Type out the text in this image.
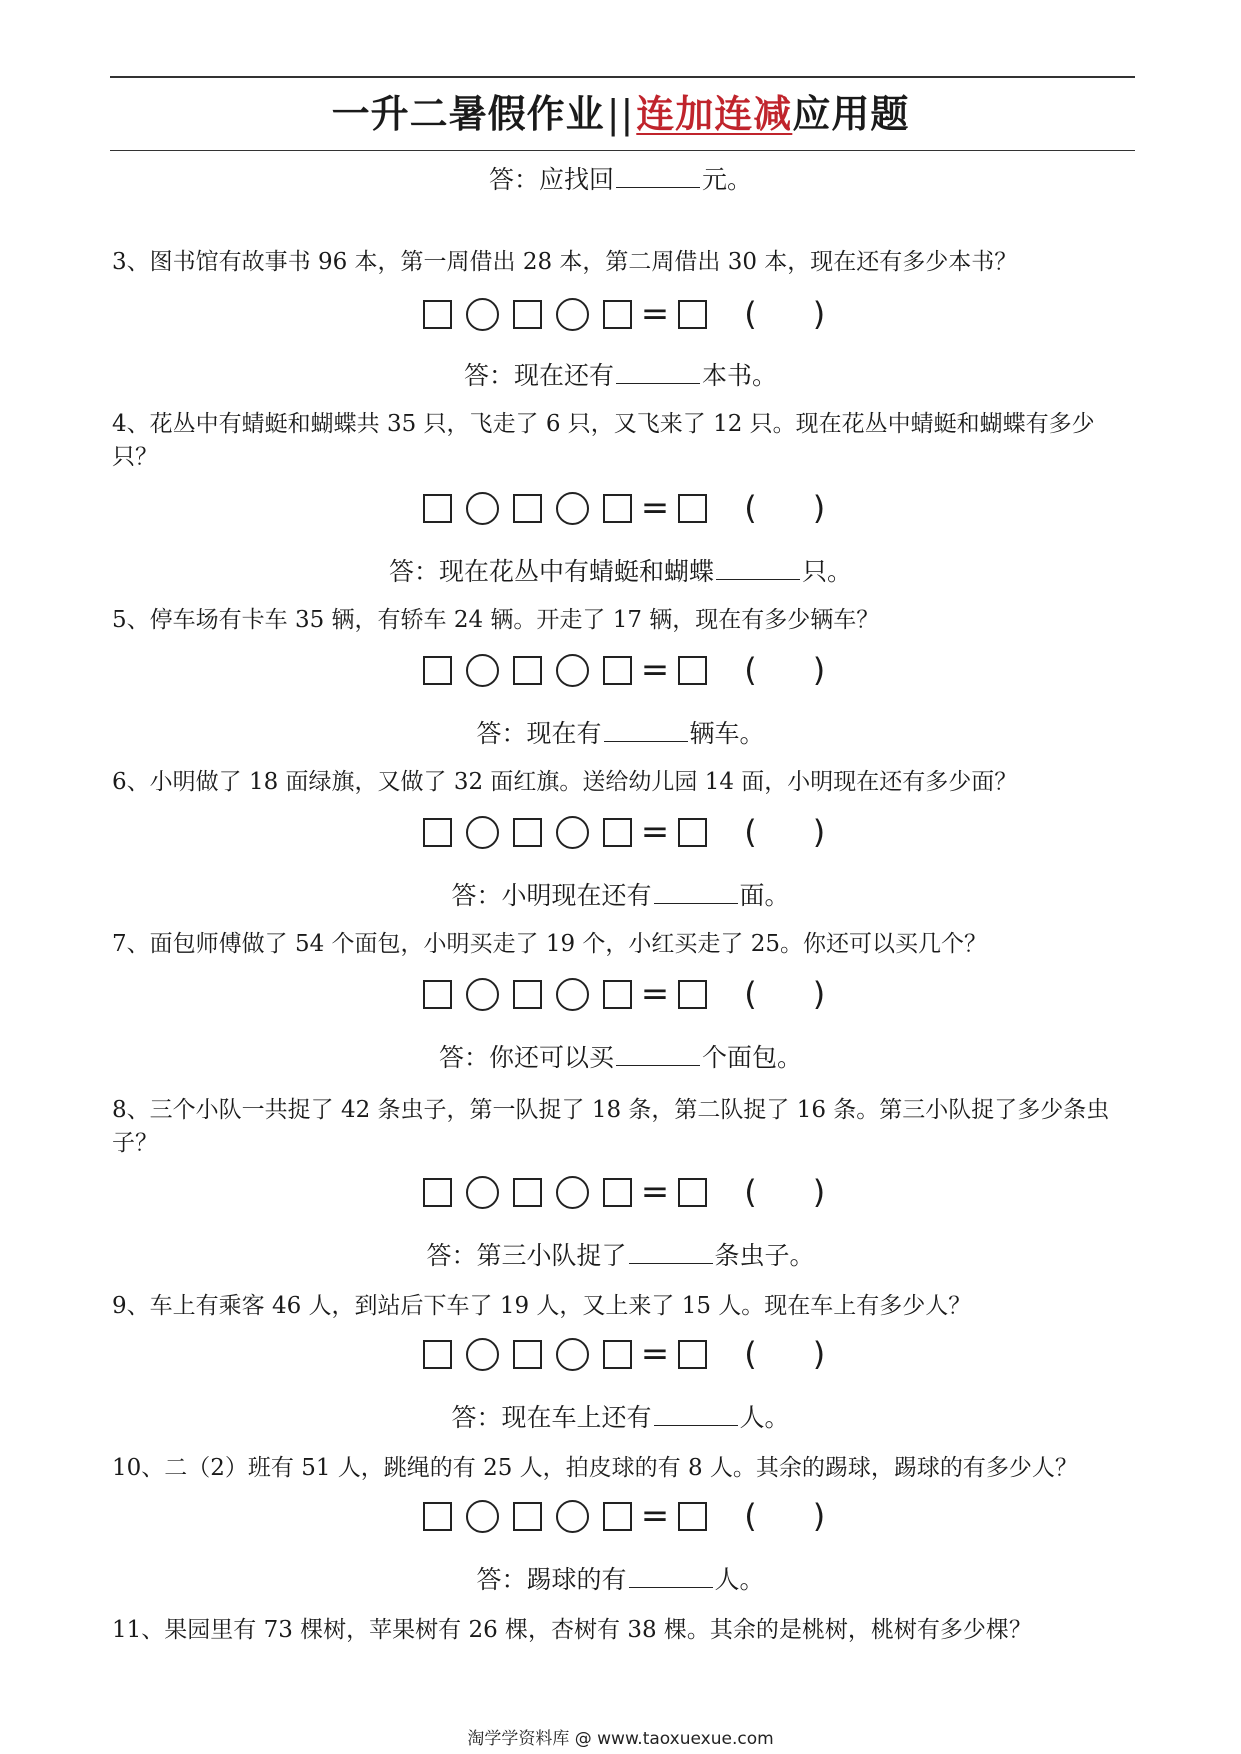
一升二暑假作业||连加连减应用题
答：应找回	元。
3、图书馆有故事书 96 本，第一周借出 28 本，第二周借出 30 本，现在还有多少本书？
= ( )
答：现在还有	本书。
4、花丛中有蜻蜓和蝴蝶共 35 只，飞走了 6 只，又飞来了 12 只。现在花丛中蜻蜓和蝴蝶有多少只？
= ( )
答：现在花丛中有蜻蜓和蝴蝶	只。
5、停车场有卡车 35 辆，有轿车 24 辆。开走了 17 辆，现在有多少辆车？
= ( )
答：现在有	辆车。
6、小明做了 18 面绿旗，又做了 32 面红旗。送给幼儿园 14 面，小明现在还有多少面？
= ( )
答：小明现在还有	面。
7、面包师傅做了 54 个面包，小明买走了 19 个，小红买走了 25。你还可以买几个？
= ( )
答：你还可以买	个面包。
8、三个小队一共捉了 42 条虫子，第一队捉了 18 条，第二队捉了 16 条。第三小队捉了多少条虫子？
= ( )
答：第三小队捉了	条虫子。
9、车上有乘客 46 人，到站后下车了 19 人，又上来了 15 人。现在车上有多少人？
= ( )
答：现在车上还有	人。
10、二（2）班有 51 人，跳绳的有 25 人，拍皮球的有 8 人。其余的踢球，踢球的有多少人？
= ( )
答：踢球的有	人。
11、果园里有 73 棵树，苹果树有 26 棵，杏树有 38 棵。其余的是桃树，桃树有多少棵？
淘学学资料库 @ www.taoxuexue.com
